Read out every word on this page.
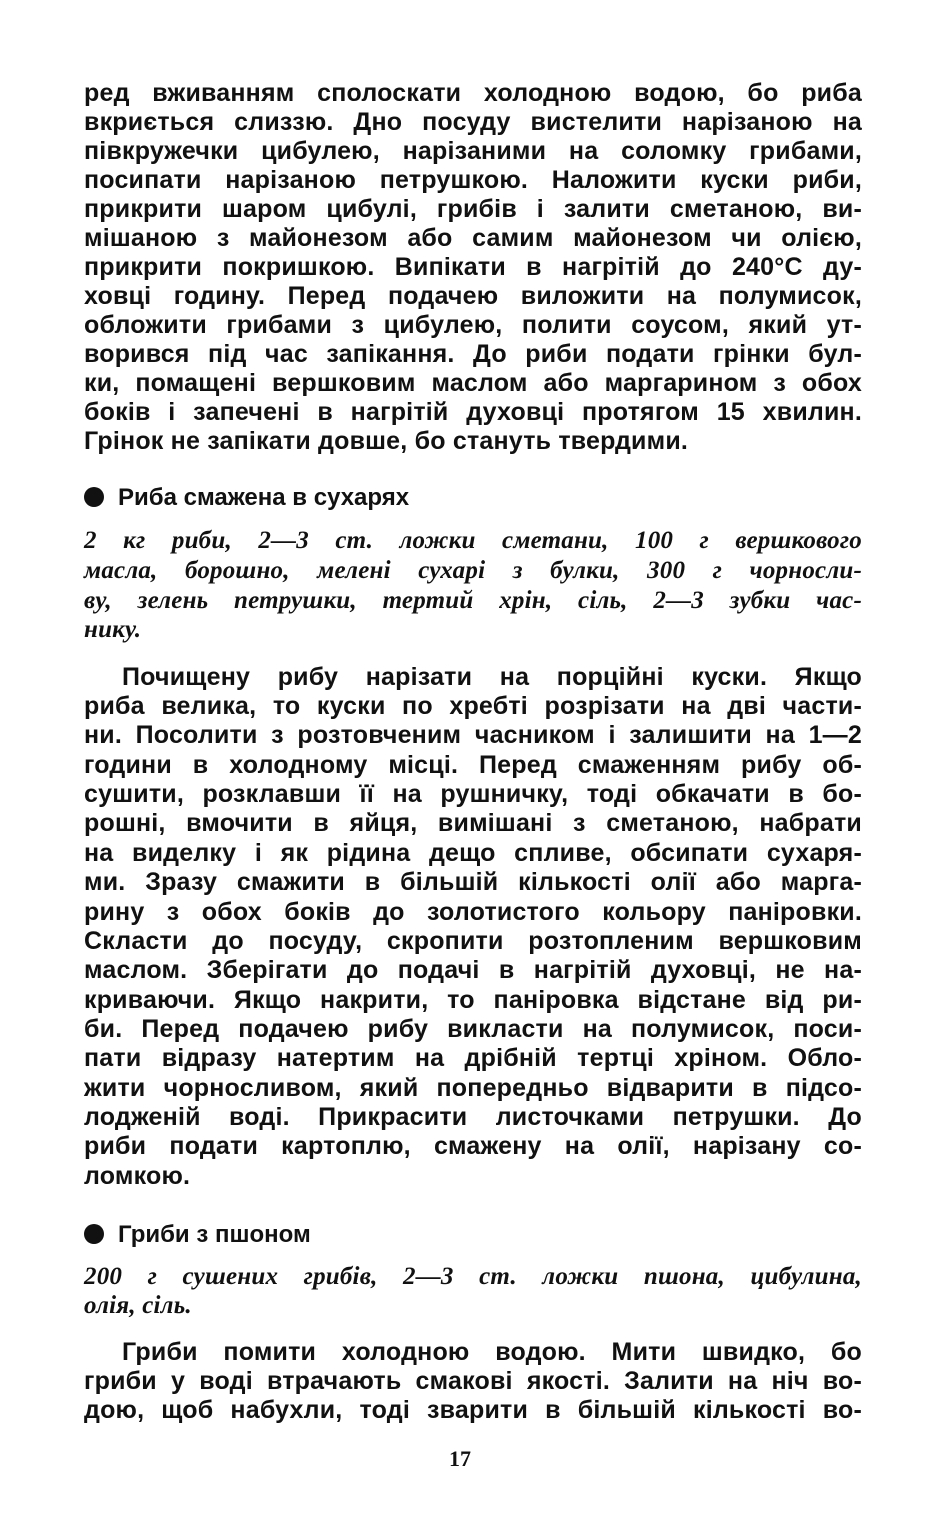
ред вживанням сполоскати холодною водою, бо риба
вкриється слиззю. Дно посуду вистелити нарізаною на
півкружечки цибулею, нарізаними на соломку грибами,
посипати нарізаною петрушкою. Наложити куски риби,
прикрити шаром цибулі, грибів і залити сметаною, ви-
мішаною з майонезом або самим майонезом чи олією,
прикрити покришкою. Випікати в нагрітій до 240°С ду-
ховці годину. Перед подачею виложити на полумисок,
обложити грибами з цибулею, полити соусом, який ут-
ворився під час запікання. До риби подати грінки бул-
ки, помащені вершковим маслом або маргарином з обох
боків і запечені в нагрітій духовці протягом 15 хвилин.
Грінок не запікати довше, бо стануть твердими.
Риба смажена в сухарях
2 кг риби, 2—3 ст. ложки сметани, 100 г вершкового
масла, борошно, мелені сухарі з булки, 300 г чорносли-
ву, зелень петрушки, тертий хрін, сіль, 2—3 зубки час-
нику.
Почищену рибу нарізати на порційні куски. Якщо
риба велика, то куски по хребті розрізати на дві части-
ни. Посолити з розтовченим часником і залишити на 1—2
години в холодному місці. Перед смаженням рибу об-
сушити, розклавши її на рушничку, тоді обкачати в бо-
рошні, вмочити в яйця, вимішані з сметаною, набрати
на виделку і як рідина дещо спливе, обсипати сухаря-
ми. Зразу смажити в більшій кількості олії або марга-
рину з обох боків до золотистого кольору паніровки.
Скласти до посуду, скропити розтопленим вершковим
маслом. Зберігати до подачі в нагрітій духовці, не на-
криваючи. Якщо накрити, то паніровка відстане від ри-
би. Перед подачею рибу викласти на полумисок, поси-
пати відразу натертим на дрібній тертці хріном. Обло-
жити чорносливом, який попередньо відварити в підсо-
лодженій воді. Прикрасити листочками петрушки. До
риби подати картоплю, смажену на олії, нарізану со-
ломкою.
Гриби з пшоном
200 г сушених грибів, 2—3 ст. ложки пшона, цибулина,
олія, сіль.
Гриби помити холодною водою. Мити швидко, бо
гриби у воді втрачають смакові якості. Залити на ніч во-
дою, щоб набухли, тоді зварити в більшій кількості во-
17
